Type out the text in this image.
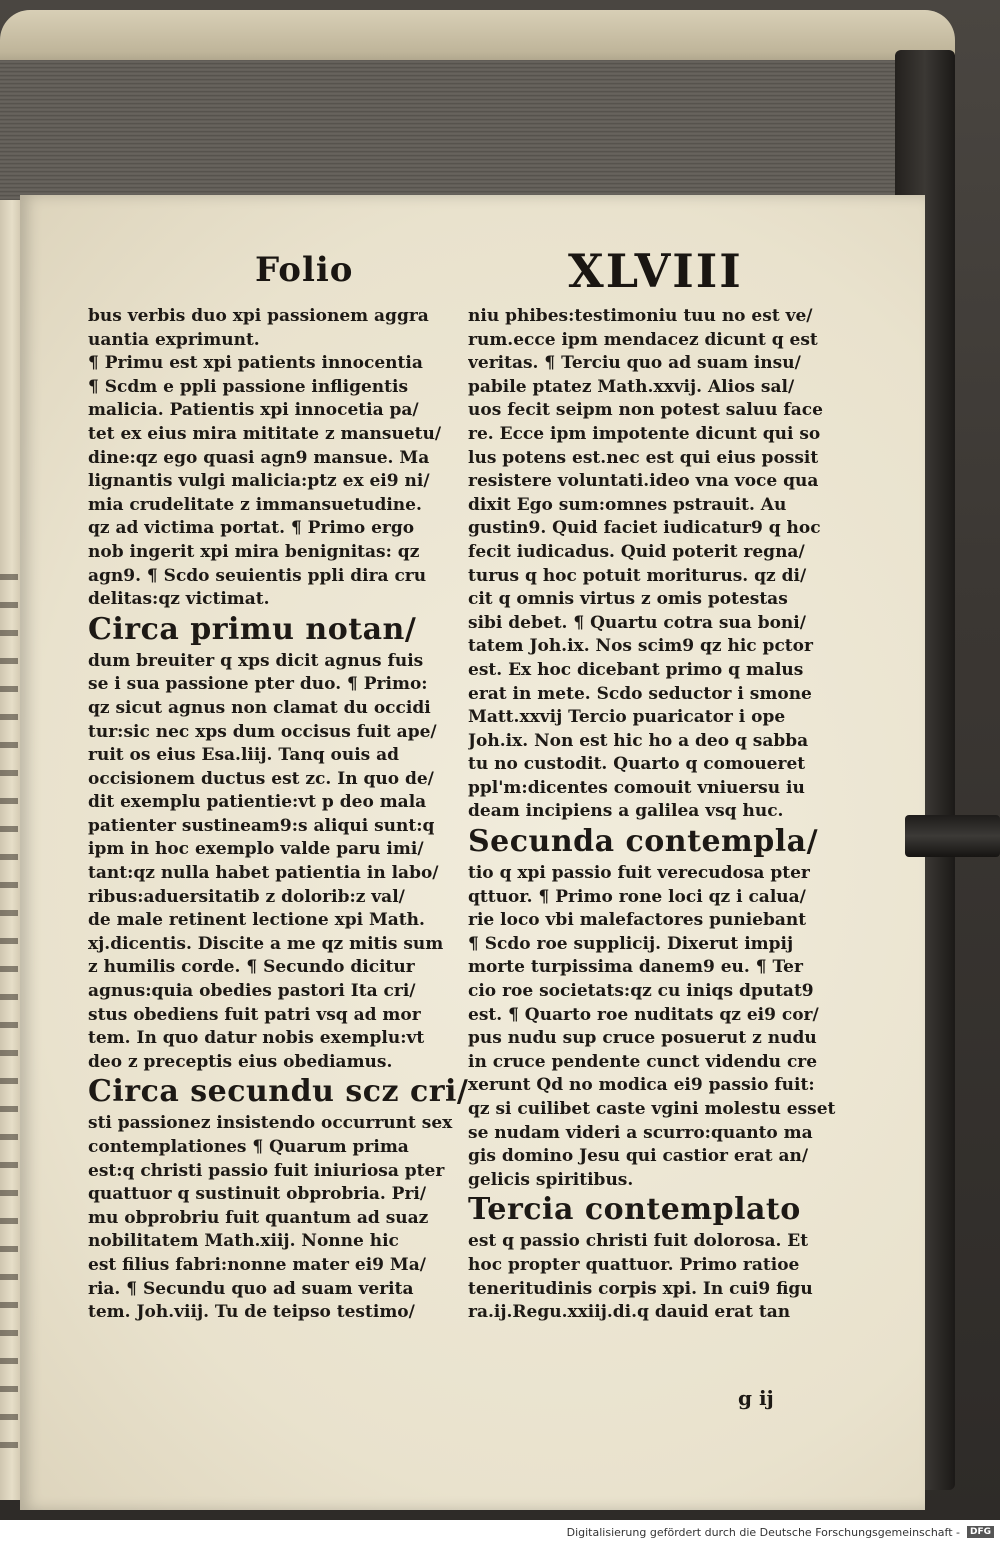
Folio	XLVIII
bus verbis duo xpi passionem aggra
uantia exprimunt.
¶ Primu est xpi patients innocentia
¶ Scdm e ppli passione infligentis
malicia. Patientis xpi innocetia pa/
tet ex eius mira mititate z mansuetu/
dine:qz ego quasi agn9 mansue. Ma
lignantis vulgi malicia:ptz ex ei9 ni/
mia crudelitate z immansuetudine.
qz ad victima portat. ¶ Primo ergo
nob ingerit xpi mira benignitas: qz
agn9. ¶ Scdo seuientis ppli dira cru
delitas:qz victimat.
Circa primu notan/
dum breuiter q xps dicit agnus fuis
se i sua passione pter duo. ¶ Primo:
qz sicut agnus non clamat du occidi
tur:sic nec xps dum occisus fuit ape/
ruit os eius Esa.liij. Tanq ouis ad
occisionem ductus est zc. In quo de/
dit exemplu patientie:vt p deo mala
patienter sustineam9:s aliqui sunt:q
ipm in hoc exemplo valde paru imi/
tant:qz nulla habet patientia in labo/
ribus:aduersitatib z dolorib:z val/
de male retinent lectione xpi Math.
xj.dicentis. Discite a me qz mitis sum
z humilis corde. ¶ Secundo dicitur
agnus:quia obedies pastori Ita cri/
stus obediens fuit patri vsq ad mor
tem. In quo datur nobis exemplu:vt
deo z preceptis eius obediamus.
Circa secundu scz cri/
sti passionez insistendo occurrunt sex
contemplationes ¶ Quarum prima
est:q christi passio fuit iniuriosa pter
quattuor q sustinuit obprobria. Pri/
mu obprobriu fuit quantum ad suaz
nobilitatem Math.xiij. Nonne hic
est filius fabri:nonne mater ei9 Ma/
ria. ¶ Secundu quo ad suam verita
tem. Joh.viij. Tu de teipso testimo/
niu phibes:testimoniu tuu no est ve/
rum.ecce ipm mendacez dicunt q est
veritas. ¶ Terciu quo ad suam insu/
pabile ptatez Math.xxvij. Alios sal/
uos fecit seipm non potest saluu face
re. Ecce ipm impotente dicunt qui so
lus potens est.nec est qui eius possit
resistere voluntati.ideo vna voce qua
dixit Ego sum:omnes pstrauit. Au
gustin9. Quid faciet iudicatur9 q hoc
fecit iudicadus. Quid poterit regna/
turus q hoc potuit moriturus. qz di/
cit q omnis virtus z omis potestas
sibi debet. ¶ Quartu cotra sua boni/
tatem Joh.ix. Nos scim9 qz hic pctor
est. Ex hoc dicebant primo q malus
erat in mete. Scdo seductor i smone
Matt.xxvij Tercio puaricator i ope
Joh.ix. Non est hic ho a deo q sabba
tu no custodit. Quarto q comoueret
ppl'm:dicentes comouit vniuersu iu
deam incipiens a galilea vsq huc.
Secunda contempla/
tio q xpi passio fuit verecudosa pter
qttuor. ¶ Primo rone loci qz i calua/
rie loco vbi malefactores puniebant
¶ Scdo roe supplicij. Dixerut impij
morte turpissima danem9 eu. ¶ Ter
cio roe societats:qz cu iniqs dputat9
est. ¶ Quarto roe nuditats qz ei9 cor/
pus nudu sup cruce posuerut z nudu
in cruce pendente cunct videndu cre
xerunt Qd no modica ei9 passio fuit:
qz si cuilibet caste vgini molestu esset
se nudam videri a scurro:quanto ma
gis domino Jesu qui castior erat an/
gelicis spiritibus.
Tercia contemplato
est q passio christi fuit dolorosa. Et
hoc propter quattuor. Primo ratioe
teneritudinis corpis xpi. In cui9 figu
ra.ij.Regu.xxiij.di.q dauid erat tan
g ij
Digitalisierung gefördert durch die Deutsche Forschungsgemeinschaft -	DFG
